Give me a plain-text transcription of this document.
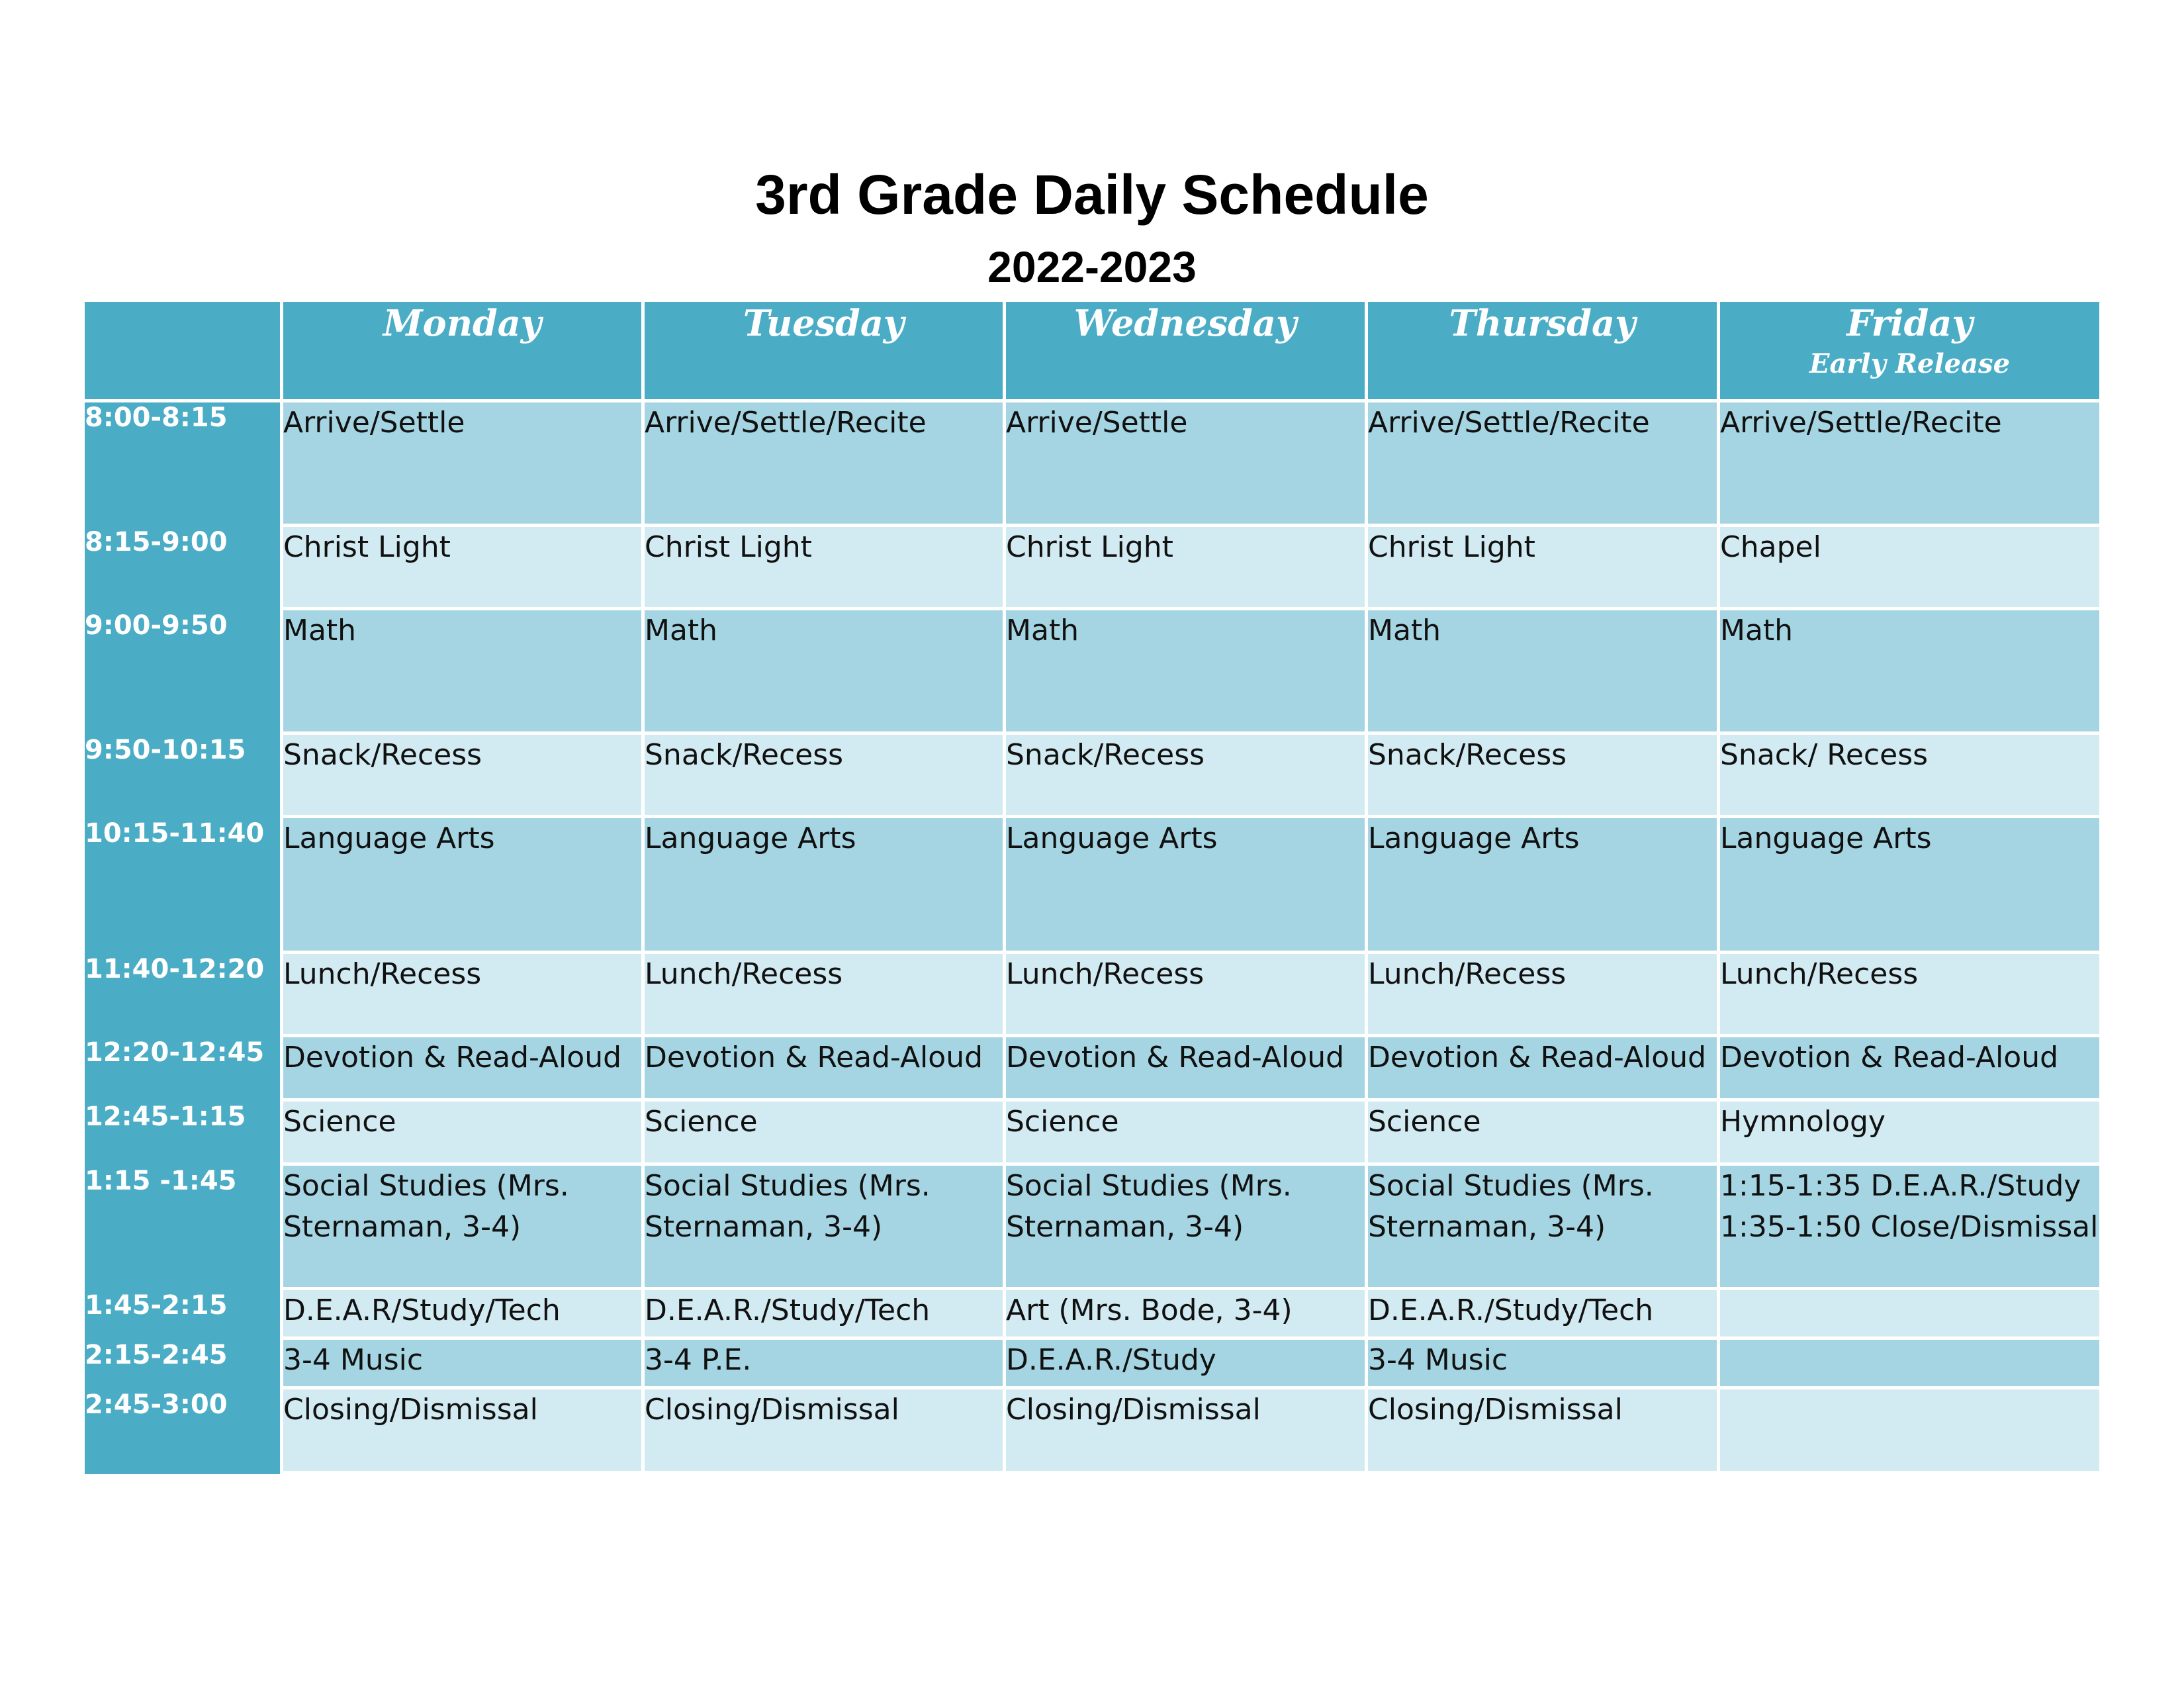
3rd Grade Daily Schedule
2022-2023
	Monday	Tuesday	Wednesday	Thursday	Friday
Early Release

8:00-8:15	Arrive/Settle	Arrive/Settle/Recite	Arrive/Settle	Arrive/Settle/Recite	Arrive/Settle/Recite
8:15-9:00	Christ Light	Christ Light	Christ Light	Christ Light	Chapel
9:00-9:50	Math	Math	Math	Math	Math
9:50-10:15	Snack/Recess	Snack/Recess	Snack/Recess	Snack/Recess	Snack/ Recess
10:15-11:40	Language Arts	Language Arts	Language Arts	Language Arts	Language Arts
11:40-12:20	Lunch/Recess	Lunch/Recess	Lunch/Recess	Lunch/Recess	Lunch/Recess
12:20-12:45	Devotion & Read-Aloud	Devotion & Read-Aloud	Devotion & Read-Aloud	Devotion & Read-Aloud	Devotion & Read-Aloud
12:45-1:15	Science	Science	Science	Science	Hymnology
1:15 -1:45	Social Studies (Mrs. Sternaman, 3-4)	Social Studies (Mrs. Sternaman, 3-4)	Social Studies (Mrs. Sternaman, 3-4)	Social Studies (Mrs. Sternaman, 3-4)	1:15-1:35 D.E.A.R./Study 1:35-1:50 Close/Dismissal
1:45-2:15	D.E.A.R/Study/Tech	D.E.A.R./Study/Tech	Art (Mrs. Bode, 3-4)	D.E.A.R./Study/Tech	
2:15-2:45	3-4 Music	3-4 P.E.	D.E.A.R./Study	3-4 Music	
2:45-3:00	Closing/Dismissal	Closing/Dismissal	Closing/Dismissal	Closing/Dismissal	
